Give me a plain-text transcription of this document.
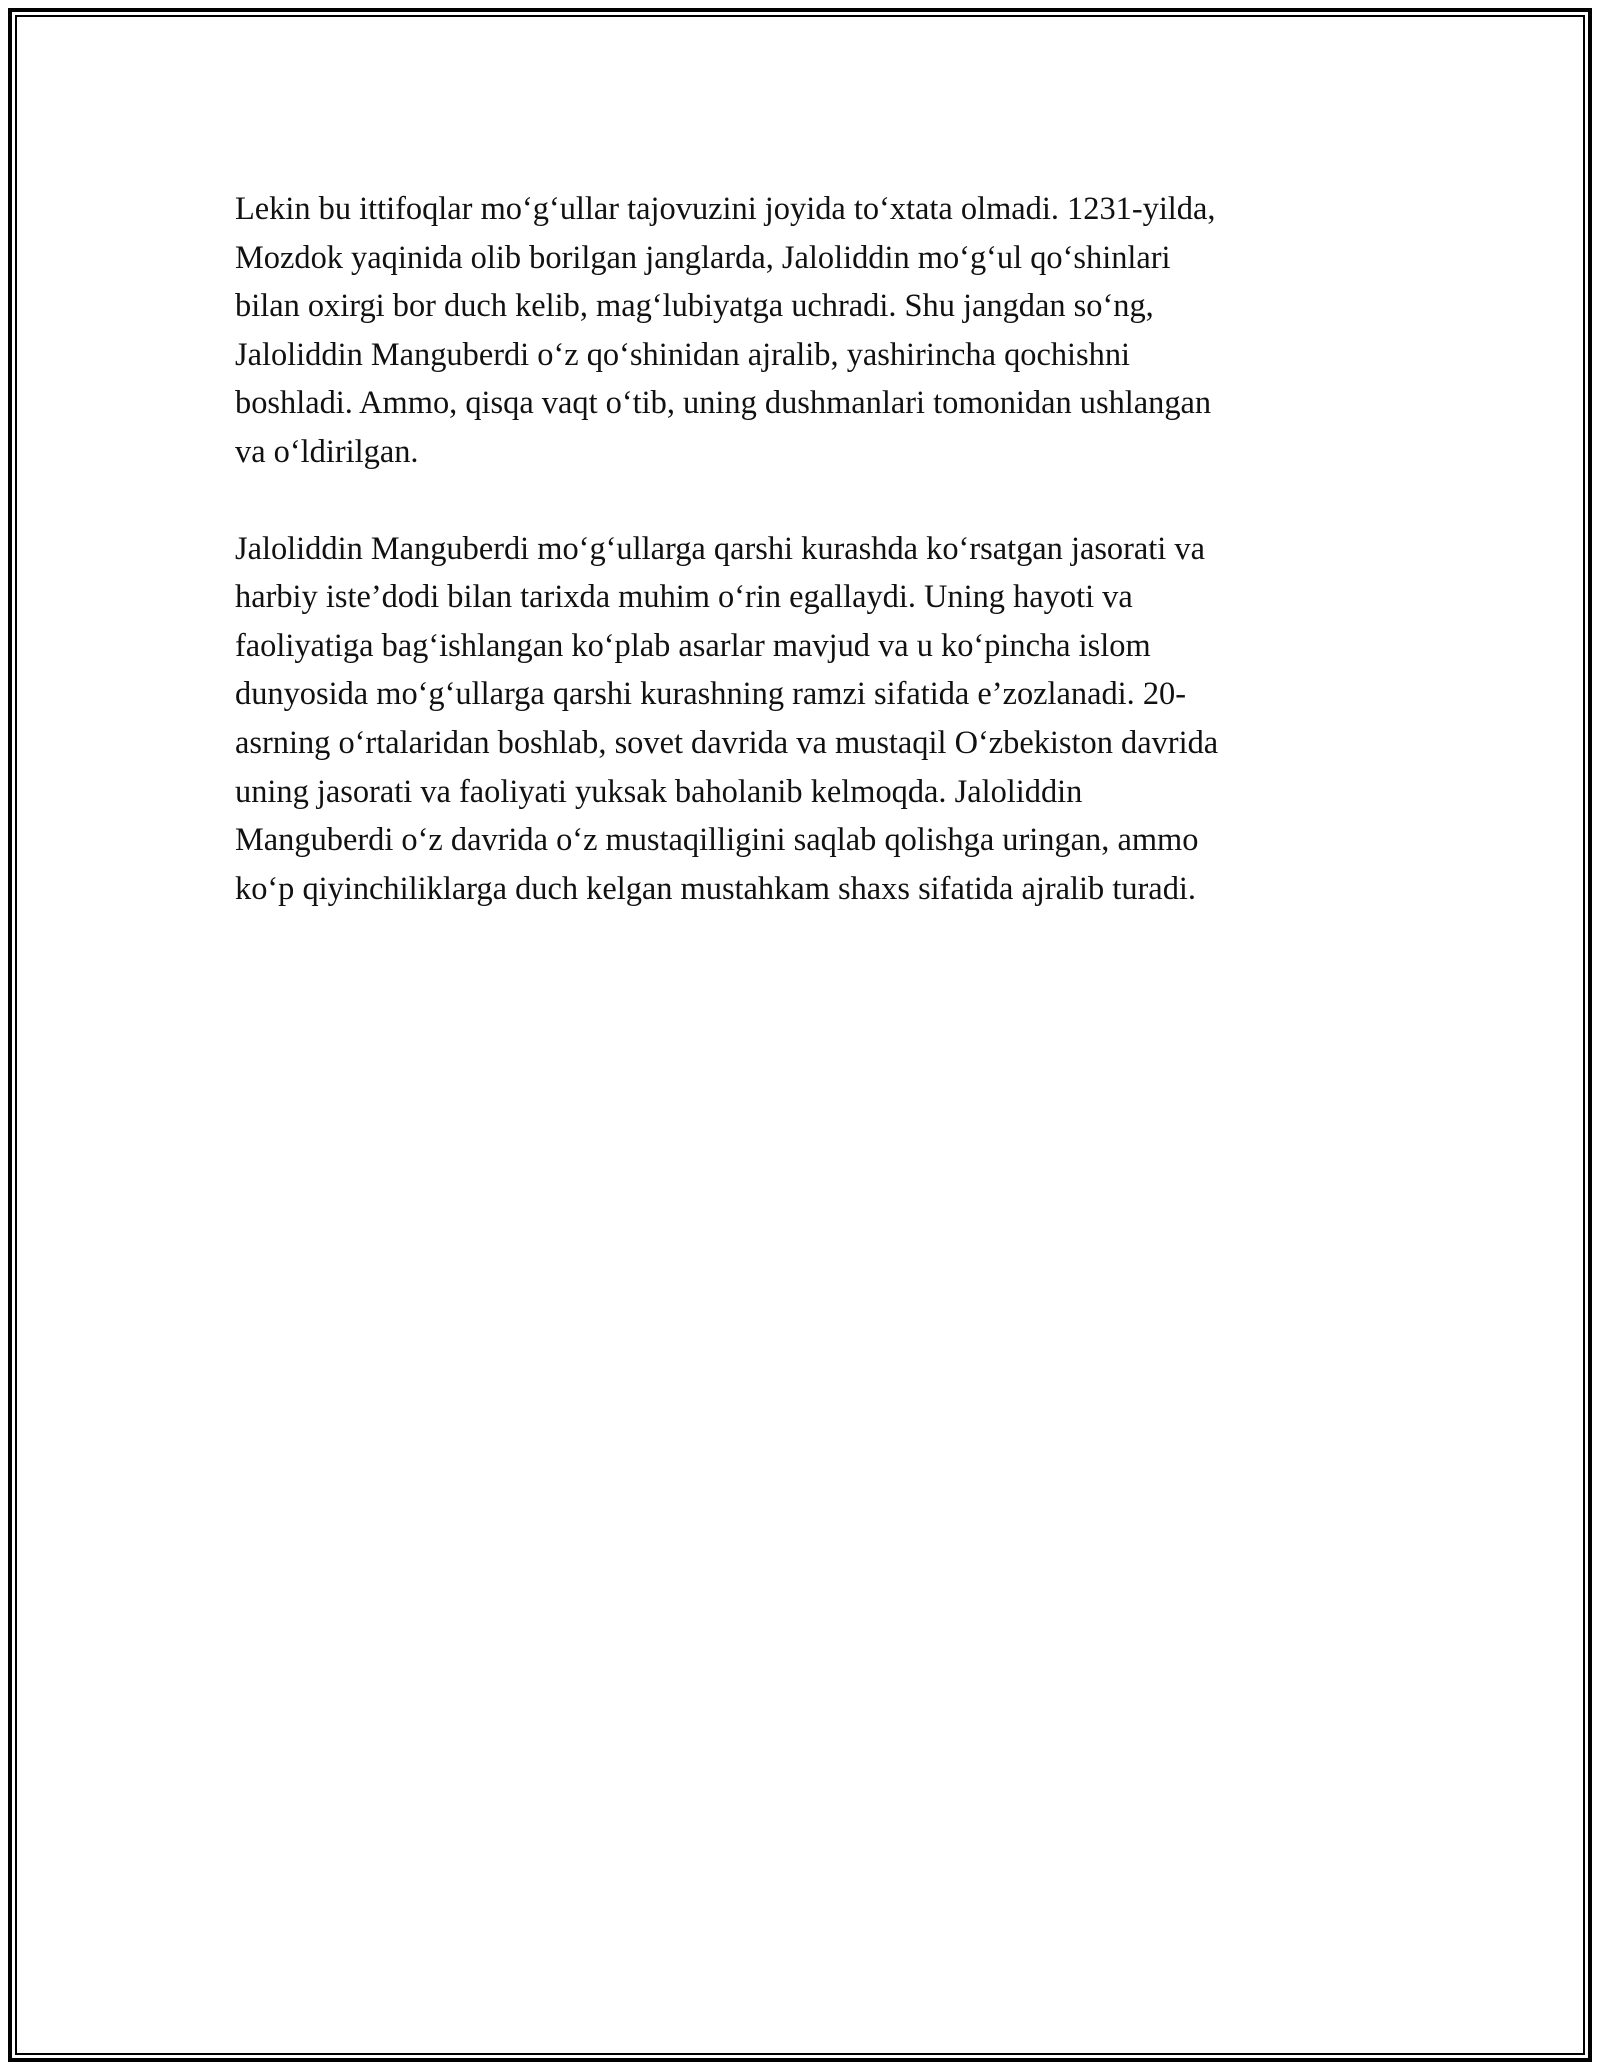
Lekin bu ittifoqlar mo‘g‘ullar tajovuzini joyida to‘xtata olmadi. 1231-yilda,
Mozdok yaqinida olib borilgan janglarda, Jaloliddin mo‘g‘ul qo‘shinlari
bilan oxirgi bor duch kelib, mag‘lubiyatga uchradi. Shu jangdan so‘ng,
Jaloliddin Manguberdi o‘z qo‘shinidan ajralib, yashirincha qochishni
boshladi. Ammo, qisqa vaqt o‘tib, uning dushmanlari tomonidan ushlangan
va o‘ldirilgan.

Jaloliddin Manguberdi mo‘g‘ullarga qarshi kurashda ko‘rsatgan jasorati va
harbiy iste’dodi bilan tarixda muhim o‘rin egallaydi. Uning hayoti va
faoliyatiga bag‘ishlangan ko‘plab asarlar mavjud va u ko‘pincha islom
dunyosida mo‘g‘ullarga qarshi kurashning ramzi sifatida e’zozlanadi. 20-
asrning o‘rtalaridan boshlab, sovet davrida va mustaqil O‘zbekiston davrida
uning jasorati va faoliyati yuksak baholanib kelmoqda. Jaloliddin
Manguberdi o‘z davrida o‘z mustaqilligini saqlab qolishga uringan, ammo
ko‘p qiyinchiliklarga duch kelgan mustahkam shaxs sifatida ajralib turadi.
